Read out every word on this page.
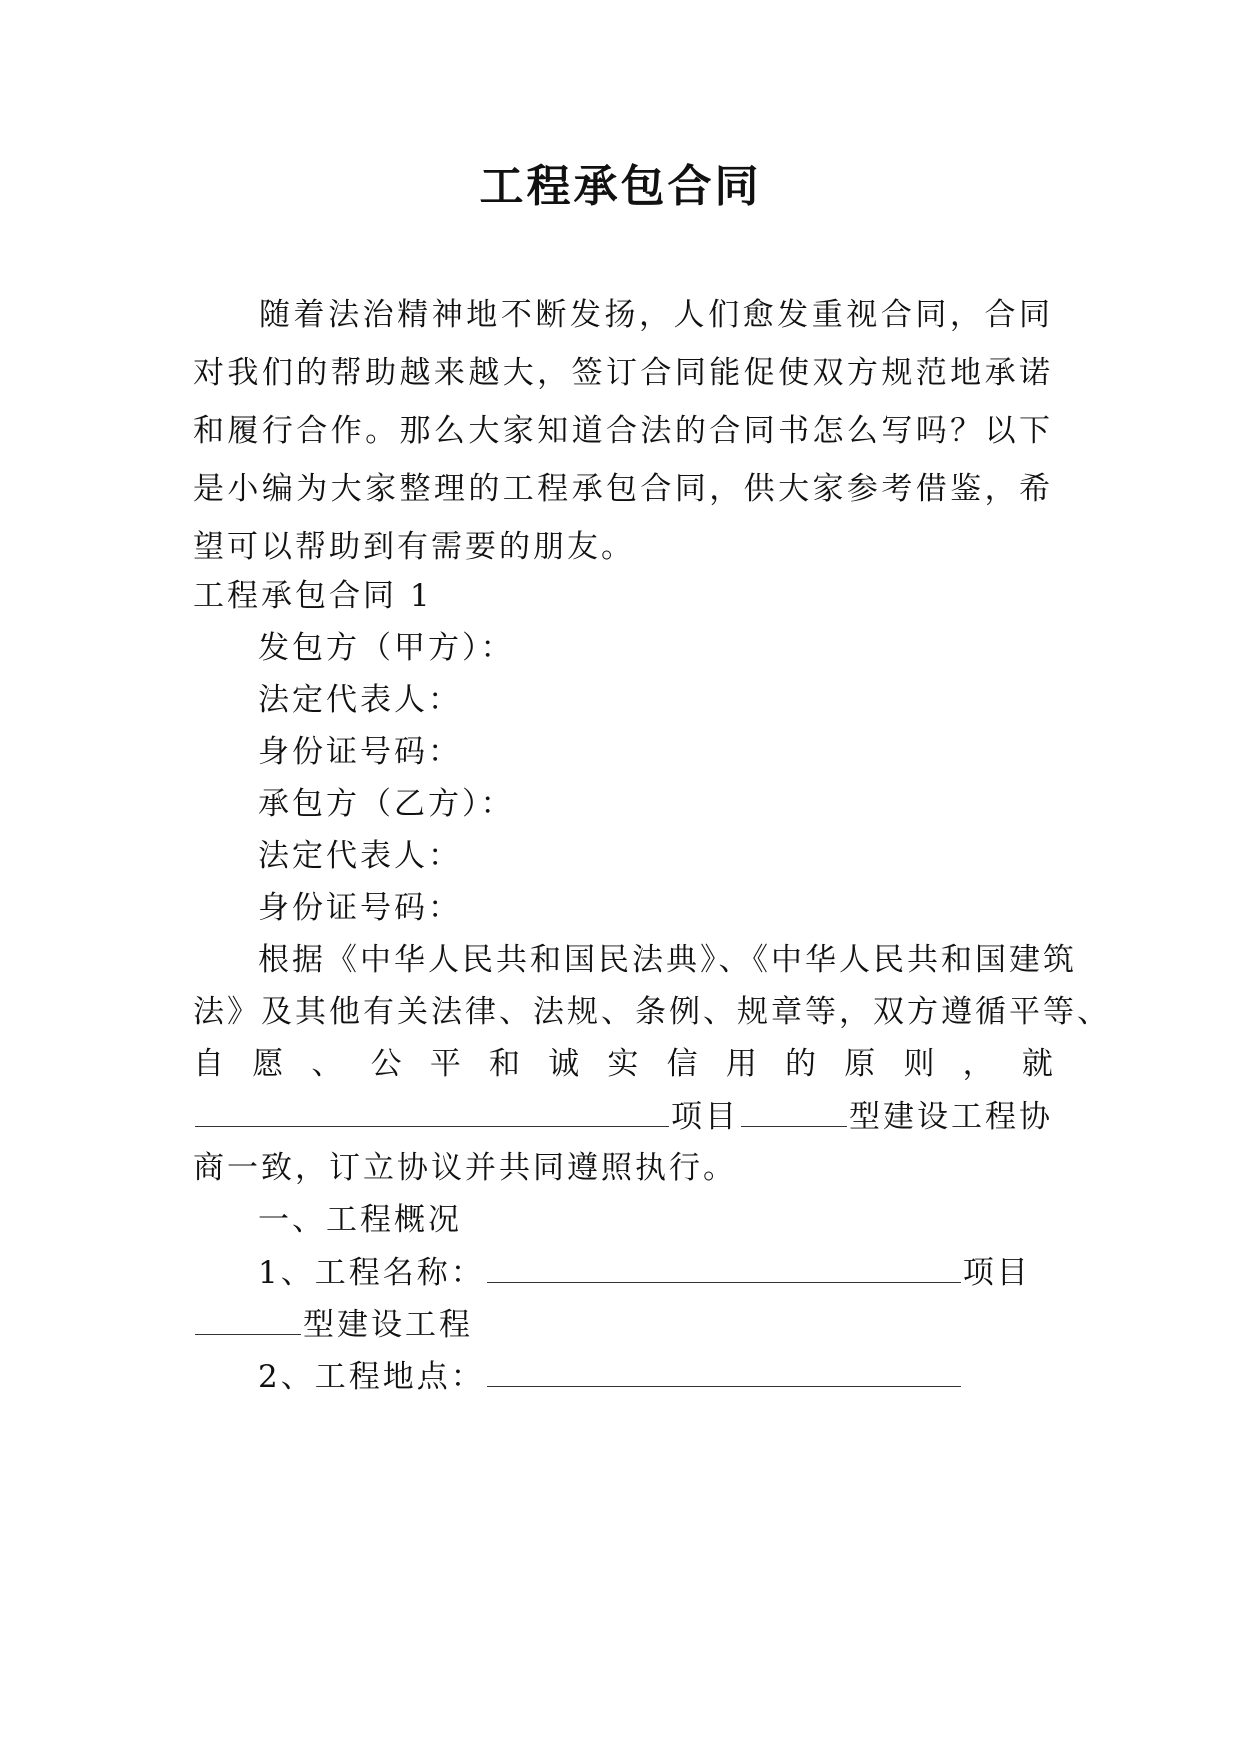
工程承包合同

随着法治精神地不断发扬，人们愈发重视合同，合同对我们的帮助越来越大，签订合同能促使双方规范地承诺和履行合作。那么大家知道合法的合同书怎么写吗？以下是小编为大家整理的工程承包合同，供大家参考借鉴，希望可以帮助到有需要的朋友。

工程承包合同 1
发包方（甲方）：
法定代表人：
身份证号码：
承包方（乙方）：
法定代表人：
身份证号码：
根据《中华人民共和国民法典》、《中华人民共和国建筑
法》及其他有关法律、法规、条例、规章等，双方遵循平等、
自 愿 、 公 平 和 诚 实 信 用 的 原 则 ， 就
项目	型建设工程协
商一致，订立协议并共同遵照执行。
一、工程概况
1、工程名称：	项目
型建设工程
2、工程地点：
